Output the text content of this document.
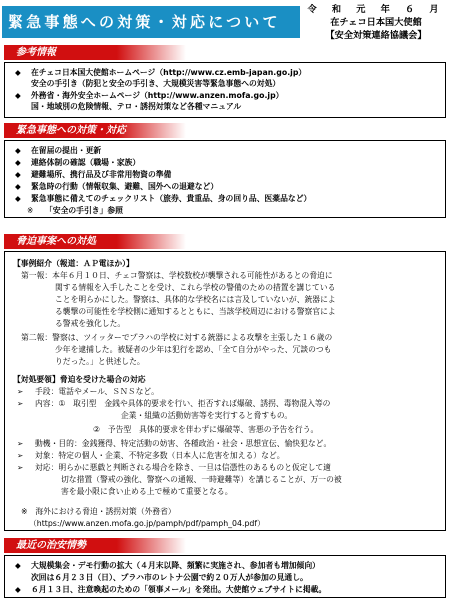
緊急事態への対策・対応について
令 和 元 年 ６ 月
在チェコ日本国大使館
【安全対策連絡協議会】
参考情報
◆ 在チェコ日本国大使館ホームページ（http://www.cz.emb-japan.go.jp）
安全の手引き（防犯と安全の手引き、大規模災害等緊急事態への対処）
◆ 外務省・海外安全ホームページ（http://www.anzen.mofa.go.jp）
国・地域別の危険情報、テロ・誘拐対策など各種マニュアル
緊急事態への対策・対応
◆ 在留届の提出・更新
◆ 連絡体制の確認（職場・家族）
◆ 避難場所、携行品及び非常用物資の準備
◆ 緊急時の行動（情報収集、避難、国外への退避など）
◆ 緊急事態に備えてのチェックリスト（旅券、貴重品、身の回り品、医薬品など）
※ 「安全の手引き」参照
脅迫事案への対処
【事例紹介（報道：ＡＰ電ほか）】
第一報：本年６月１０日、チェコ警察は、学校数校が襲撃される可能性があるとの脅迫に
関する情報を入手したことを受け、これら学校の警備のための措置を講じている
ことを明らかにした。警察は、具体的な学校名には言及していないが、銃器によ
る襲撃の可能性を学校側に通知するとともに、当該学校周辺における警察官によ
る警戒を強化した。
第二報：警察は、ツイッターでプラハの学校に対する銃器による攻撃を主張した１６歳の
少年を逮捕した。被疑者の少年は犯行を認め、「全て自分がやった、冗談のつも
りだった。」と供述した。
【対処要領】脅迫を受けた場合の対応
➢ 手段：電話やメール、ＳＮＳなど。
➢ 内容：①　取引型　金銭や具体的要求を行い、拒否すれば爆破、誘拐、毒物混入等の
企業・組織の活動妨害等を実行すると脅すもの。
②　予告型　具体的要求を伴わずに爆破等、害悪の予告を行う。
➢ 動機・目的：金銭獲得、特定活動の妨害、各種政治・社会・思想宣伝、愉快犯など。
➢ 対象：特定の個人・企業、不特定多数（日本人に危害を加える）など。
➢ 対応：明らかに悪戯と判断される場合を除き、一旦は信憑性のあるものと仮定して適
切な措置（警戒の強化、警察への通報、一時避難等）を講じることが、万一の被
害を最小限に食い止める上で極めて重要となる。
※　海外における脅迫・誘拐対策（外務省）
（https://www.anzen.mofa.go.jp/pamph/pdf/pamph_04.pdf）
最近の治安情勢
◆ 大規模集会・デモ行動の拡大（４月末以降、頻繁に実施され、参加者も増加傾向）
次回は６月２３日（日）、プラハ市のレトナ公園で約２０万人が参加の見通し。
◆ ６月１３日、注意喚起のための「領事メール」を発出。大使館ウェブサイトに掲載。
